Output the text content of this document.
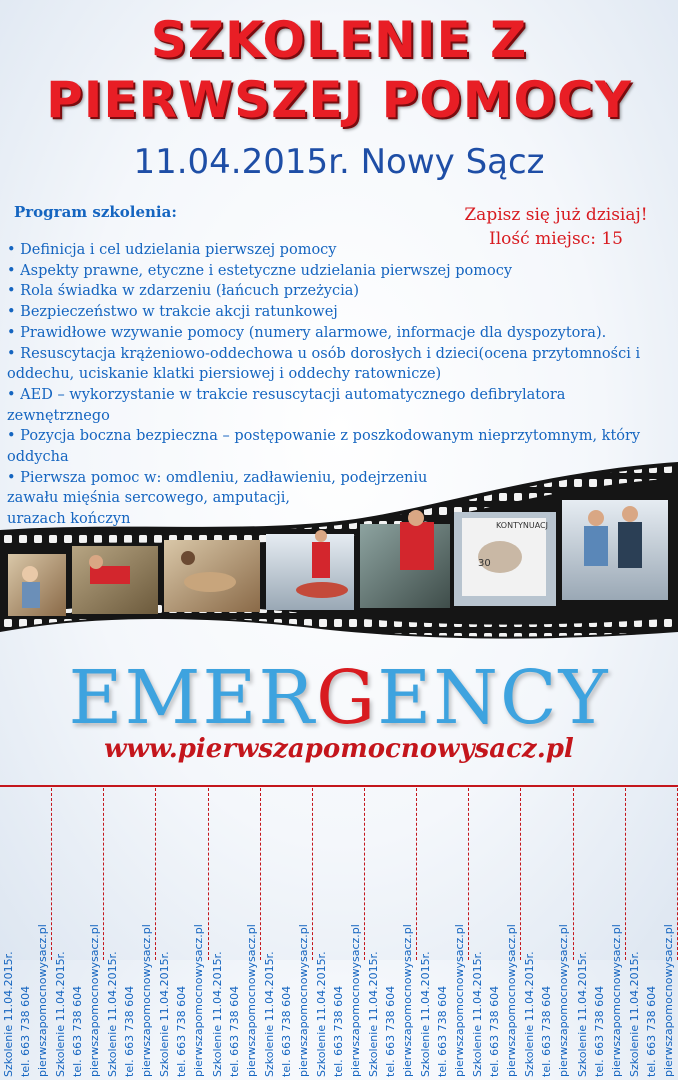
SZKOLENIE Z
PIERWSZEJ POMOCY
11.04.2015r. Nowy Sącz
Program szkolenia:	Zapisz się już dzisiaj!
Ilość miejsc: 15
• Definicja i cel udzielania pierwszej pomocy
• Aspekty prawne, etyczne i estetyczne udzielania pierwszej pomocy
• Rola świadka w zdarzeniu (łańcuch przeżycia)
• Bezpieczeństwo w trakcie akcji ratunkowej
• Prawidłowe wzywanie pomocy (numery alarmowe, informacje dla dyspozytora).
• Resuscytacja krążeniowo-oddechowa u osób dorosłych i dzieci(ocena przytomności i
oddechu, uciskanie klatki piersiowej i oddechy ratownicze)
• AED – wykorzystanie w trakcie resuscytacji automatycznego defibrylatora zewnętrznego
• Pozycja boczna bezpieczna – postępowanie z poszkodowanym nieprzytomnym, który oddycha
• Pierwsza pomoc w: omdleniu, zadławieniu, podejrzeniu
zawału mięśnia sercowego, amputacji,
urazach kończyn	KONTYNUACJ
30
EMERGENCY
www.pierwszapomocnowysacz.pl
Szkolenie 11.04.2015r. tel. 663 738 604 pierwszapomocnowysacz.pl Szkolenie 11.04.2015r. tel. 663 738 604 pierwszapomocnowysacz.pl Szkolenie 11.04.2015r. tel. 663 738 604 pierwszapomocnowysacz.pl Szkolenie 11.04.2015r. tel. 663 738 604 pierwszapomocnowysacz.pl Szkolenie 11.04.2015r. tel. 663 738 604 pierwszapomocnowysacz.pl Szkolenie 11.04.2015r. tel. 663 738 604 pierwszapomocnowysacz.pl Szkolenie 11.04.2015r. tel. 663 738 604 pierwszapomocnowysacz.pl Szkolenie 11.04.2015r. tel. 663 738 604 pierwszapomocnowysacz.pl Szkolenie 11.04.2015r. tel. 663 738 604 pierwszapomocnowysacz.pl Szkolenie 11.04.2015r. tel. 663 738 604 pierwszapomocnowysacz.pl Szkolenie 11.04.2015r. tel. 663 738 604 pierwszapomocnowysacz.pl Szkolenie 11.04.2015r. tel. 663 738 604 pierwszapomocnowysacz.pl Szkolenie 11.04.2015r. tel. 663 738 604 pierwszapomocnowysacz.pl
